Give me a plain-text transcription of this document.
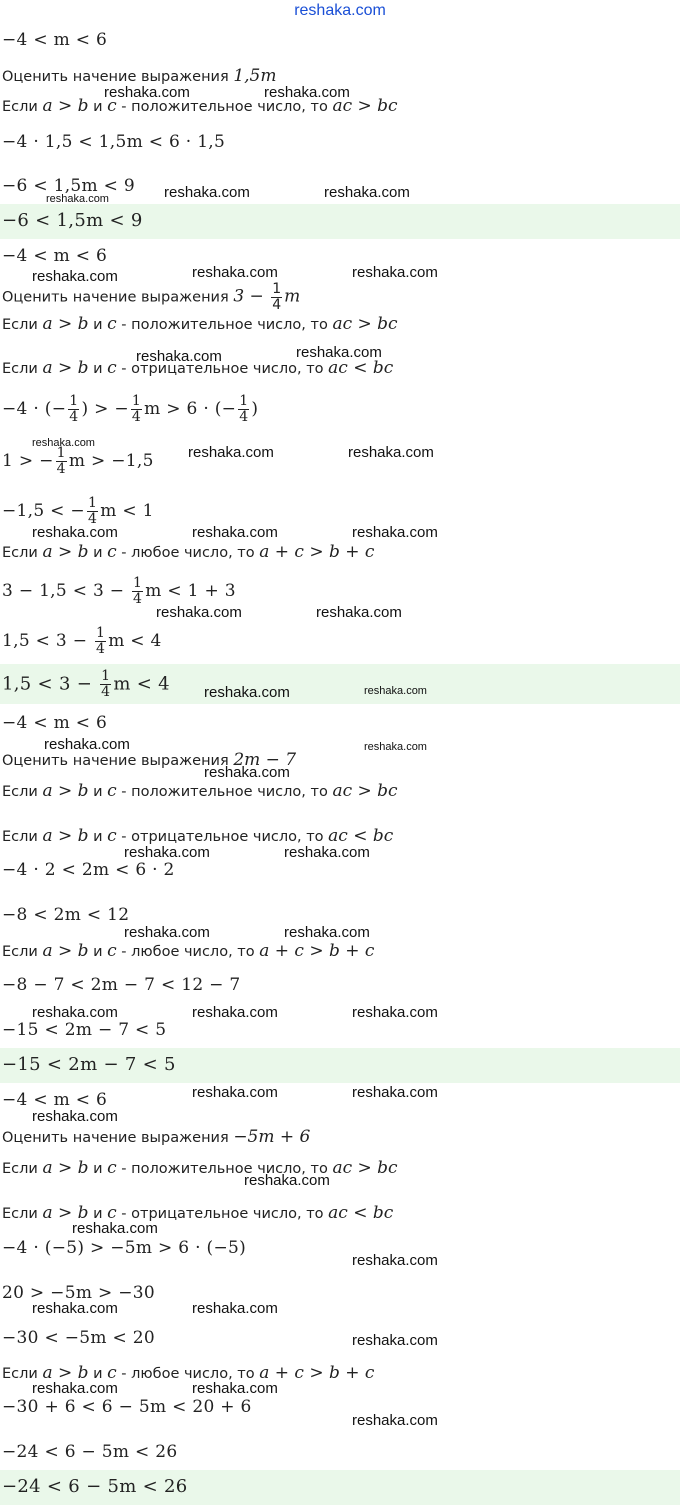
reshaka.com
−4 < m < 6
Оценить начение выражения 1,5m
Если a > b и c - положительное число, то ac > bc
−4 · 1,5 < 1,5m < 6 · 1,5
−6 < 1,5m < 9
−6 < 1,5m < 9
−4 < m < 6
Оценить начение выражения $3 - \frac{1}{4}$ m
Если a > b и c - положительное число, то ac > bc
Если a > b и c - отрицательное число, то ac < bc
−4 · (− $\frac{1}{4}$ ) > − $\frac{1}{4}$ m > 6 · (− $\frac{1}{4}$ )
1 > − $\frac{1}{4}$ m > −1,5
−1,5 < − $\frac{1}{4}$ m < 1
Если a > b и c - любое число, то a + c > b + c
$3 - 1,5 < 3 - \frac{1}{4}$ m < 1 + 3
$1,5 < 3 - \frac{1}{4}$ m < 4
$1,5 < 3 - \frac{1}{4}$ m < 4
−4 < m < 6
Оценить начение выражения 2m − 7
Если a > b и c - положительное число, то ac > bc
Если a > b и c - отрицательное число, то ac < bc
−4 · 2 < 2m < 6 · 2
−8 < 2m < 12
Если a > b и c - любое число, то a + c > b + c
−8 − 7 < 2m − 7 < 12 − 7
−15 < 2m − 7 < 5
−15 < 2m − 7 < 5
−4 < m < 6
Оценить начение выражения −5m + 6
Если a > b и c - положительное число, то ac > bc
Если a > b и c - отрицательное число, то ac < bc
−4 · (−5) > −5m > 6 · (−5)
20 > −5m > −30
−30 < −5m < 20
Если a > b и c - любое число, то a + c > b + c
−30 + 6 < 6 − 5m < 20 + 6
−24 < 6 − 5m < 26
−24 < 6 − 5m < 26
reshaka.com	reshaka.com
reshaka.com	reshaka.com	reshaka.com
reshaka.com	reshaka.com	reshaka.com
reshaka.com	reshaka.com
reshaka.com
reshaka.com	reshaka.com
reshaka.com	reshaka.com	reshaka.com
reshaka.com	reshaka.com
reshaka.com	reshaka.com
reshaka.com	reshaka.com
reshaka.com
reshaka.com	reshaka.com
reshaka.com	reshaka.com
reshaka.com	reshaka.com	reshaka.com
reshaka.com	reshaka.com
reshaka.com
reshaka.com
reshaka.com
reshaka.com
reshaka.com	reshaka.com
reshaka.com
reshaka.com	reshaka.com
reshaka.com
